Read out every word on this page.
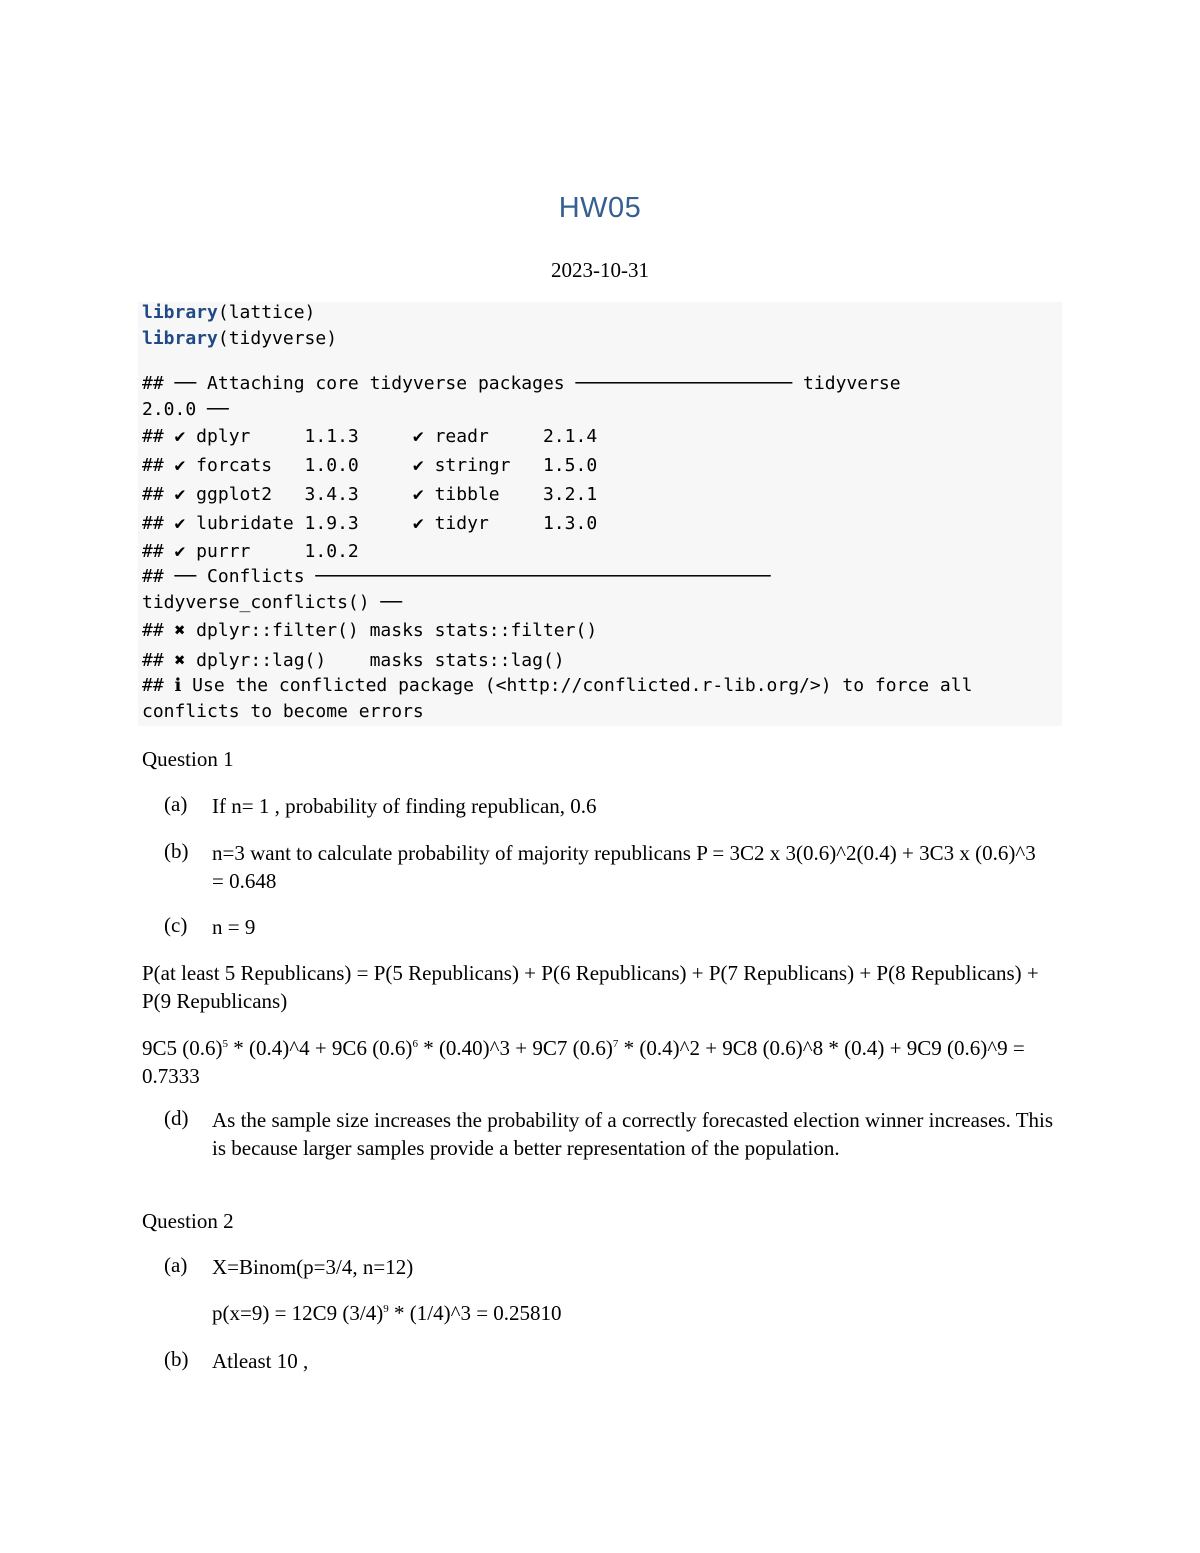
HW05
2023-10-31
library(lattice)
library(tidyverse)
## ── Attaching core tidyverse packages ──────────────────── tidyverse
2.0.0 ──
## ✔ dplyr     1.1.3     ✔ readr     2.1.4
## ✔ forcats   1.0.0     ✔ stringr   1.5.0
## ✔ ggplot2   3.4.3     ✔ tibble    3.2.1
## ✔ lubridate 1.9.3     ✔ tidyr     1.3.0
## ✔ purrr     1.0.2
## ── Conflicts ──────────────────────────────────────────
tidyverse_conflicts() ──
## ✖ dplyr::filter() masks stats::filter()
## ✖ dplyr::lag()    masks stats::lag()
## ℹ Use the conflicted package (<http://conflicted.r-lib.org/>) to force all
conflicts to become errors
Question 1
(a) If n= 1 , probability of finding republican, 0.6
(b) n=3 want to calculate probability of majority republicans P = 3C2 x 3(0.6)^2(0.4) + 3C3 x (0.6)^3 = 0.648
(c) n = 9
P(at least 5 Republicans) = P(5 Republicans) + P(6 Republicans) + P(7 Republicans) + P(8 Republicans) + P(9 Republicans)
9C5 $(0.6)^5$ * (0.4)^4 + 9C6 $(0.6)^6$ * (0.40)^3 + 9C7 $(0.6)^7$ * (0.4)^2 + 9C8 (0.6)^8 * (0.4) + 9C9 (0.6)^9 = 0.7333
(d) As the sample size increases the probability of a correctly forecasted election winner increases. This is because larger samples provide a better representation of the population.
Question 2
(a) X=Binom(p=3/4, n=12)
p(x=9) = 12C9 $(3/4)^9$ * (1/4)^3 = 0.25810
(b) Atleast 10 ,
